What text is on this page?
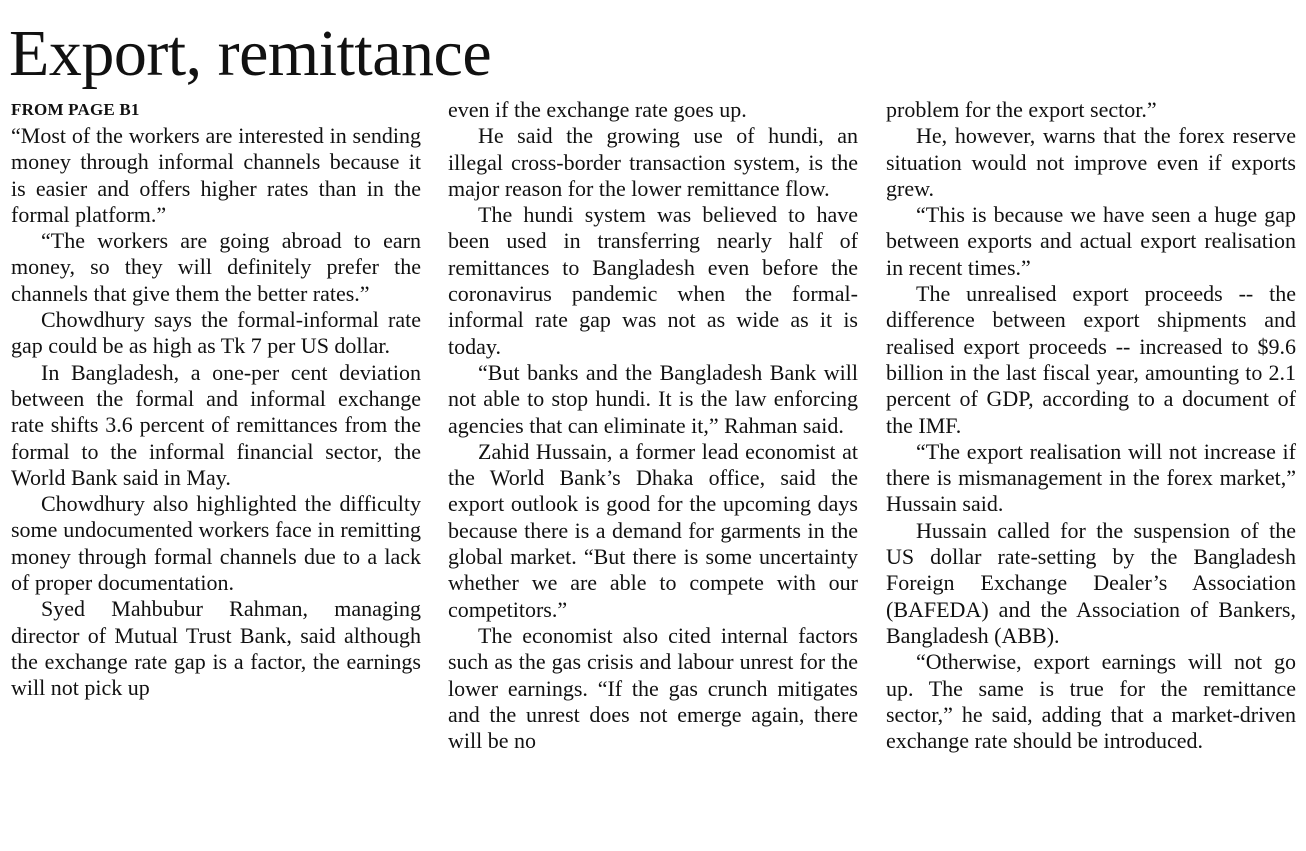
Export, remittance
FROM PAGE B1

“Most of the workers are interested in sending money through informal channels because it is easier and offers higher rates than in the formal platform.”

“The workers are going abroad to earn money, so they will definitely prefer the channels that give them the better rates.”

Chowdhury says the formal-informal rate gap could be as high as Tk 7 per US dollar.

In Bangladesh, a one-per cent deviation between the formal and informal exchange rate shifts 3.6 percent of remittances from the formal to the informal financial sector, the World Bank said in May.

Chowdhury also highlighted the difficulty some undocumented workers face in remitting money through formal channels due to a lack of proper documentation.

Syed Mahbubur Rahman, managing director of Mutual Trust Bank, said although the exchange rate gap is a factor, the earnings will not pick up

even if the exchange rate goes up.

He said the growing use of hundi, an illegal cross-border transaction system, is the major reason for the lower remittance flow.

The hundi system was believed to have been used in transferring nearly half of remittances to Bangladesh even before the coronavirus pandemic when the formal-informal rate gap was not as wide as it is today.

“But banks and the Bangladesh Bank will not able to stop hundi. It is the law enforcing agencies that can eliminate it,” Rahman said.

Zahid Hussain, a former lead economist at the World Bank’s Dhaka office, said the export outlook is good for the upcoming days because there is a demand for garments in the global market. “But there is some uncertainty whether we are able to compete with our competitors.”

The economist also cited internal factors such as the gas crisis and labour unrest for the lower earnings. “If the gas crunch mitigates and the unrest does not emerge again, there will be no

problem for the export sector.”

He, however, warns that the forex reserve situation would not improve even if exports grew.

“This is because we have seen a huge gap between exports and actual export realisation in recent times.”

The unrealised export proceeds -- the difference between export shipments and realised export proceeds -- increased to $9.6 billion in the last fiscal year, amounting to 2.1 percent of GDP, according to a document of the IMF.

“The export realisation will not increase if there is mismanagement in the forex market,” Hussain said.

Hussain called for the suspension of the US dollar rate-setting by the Bangladesh Foreign Exchange Dealer’s Association (BAFEDA) and the Association of Bankers, Bangladesh (ABB).

“Otherwise, export earnings will not go up. The same is true for the remittance sector,” he said, adding that a market-driven exchange rate should be introduced.
